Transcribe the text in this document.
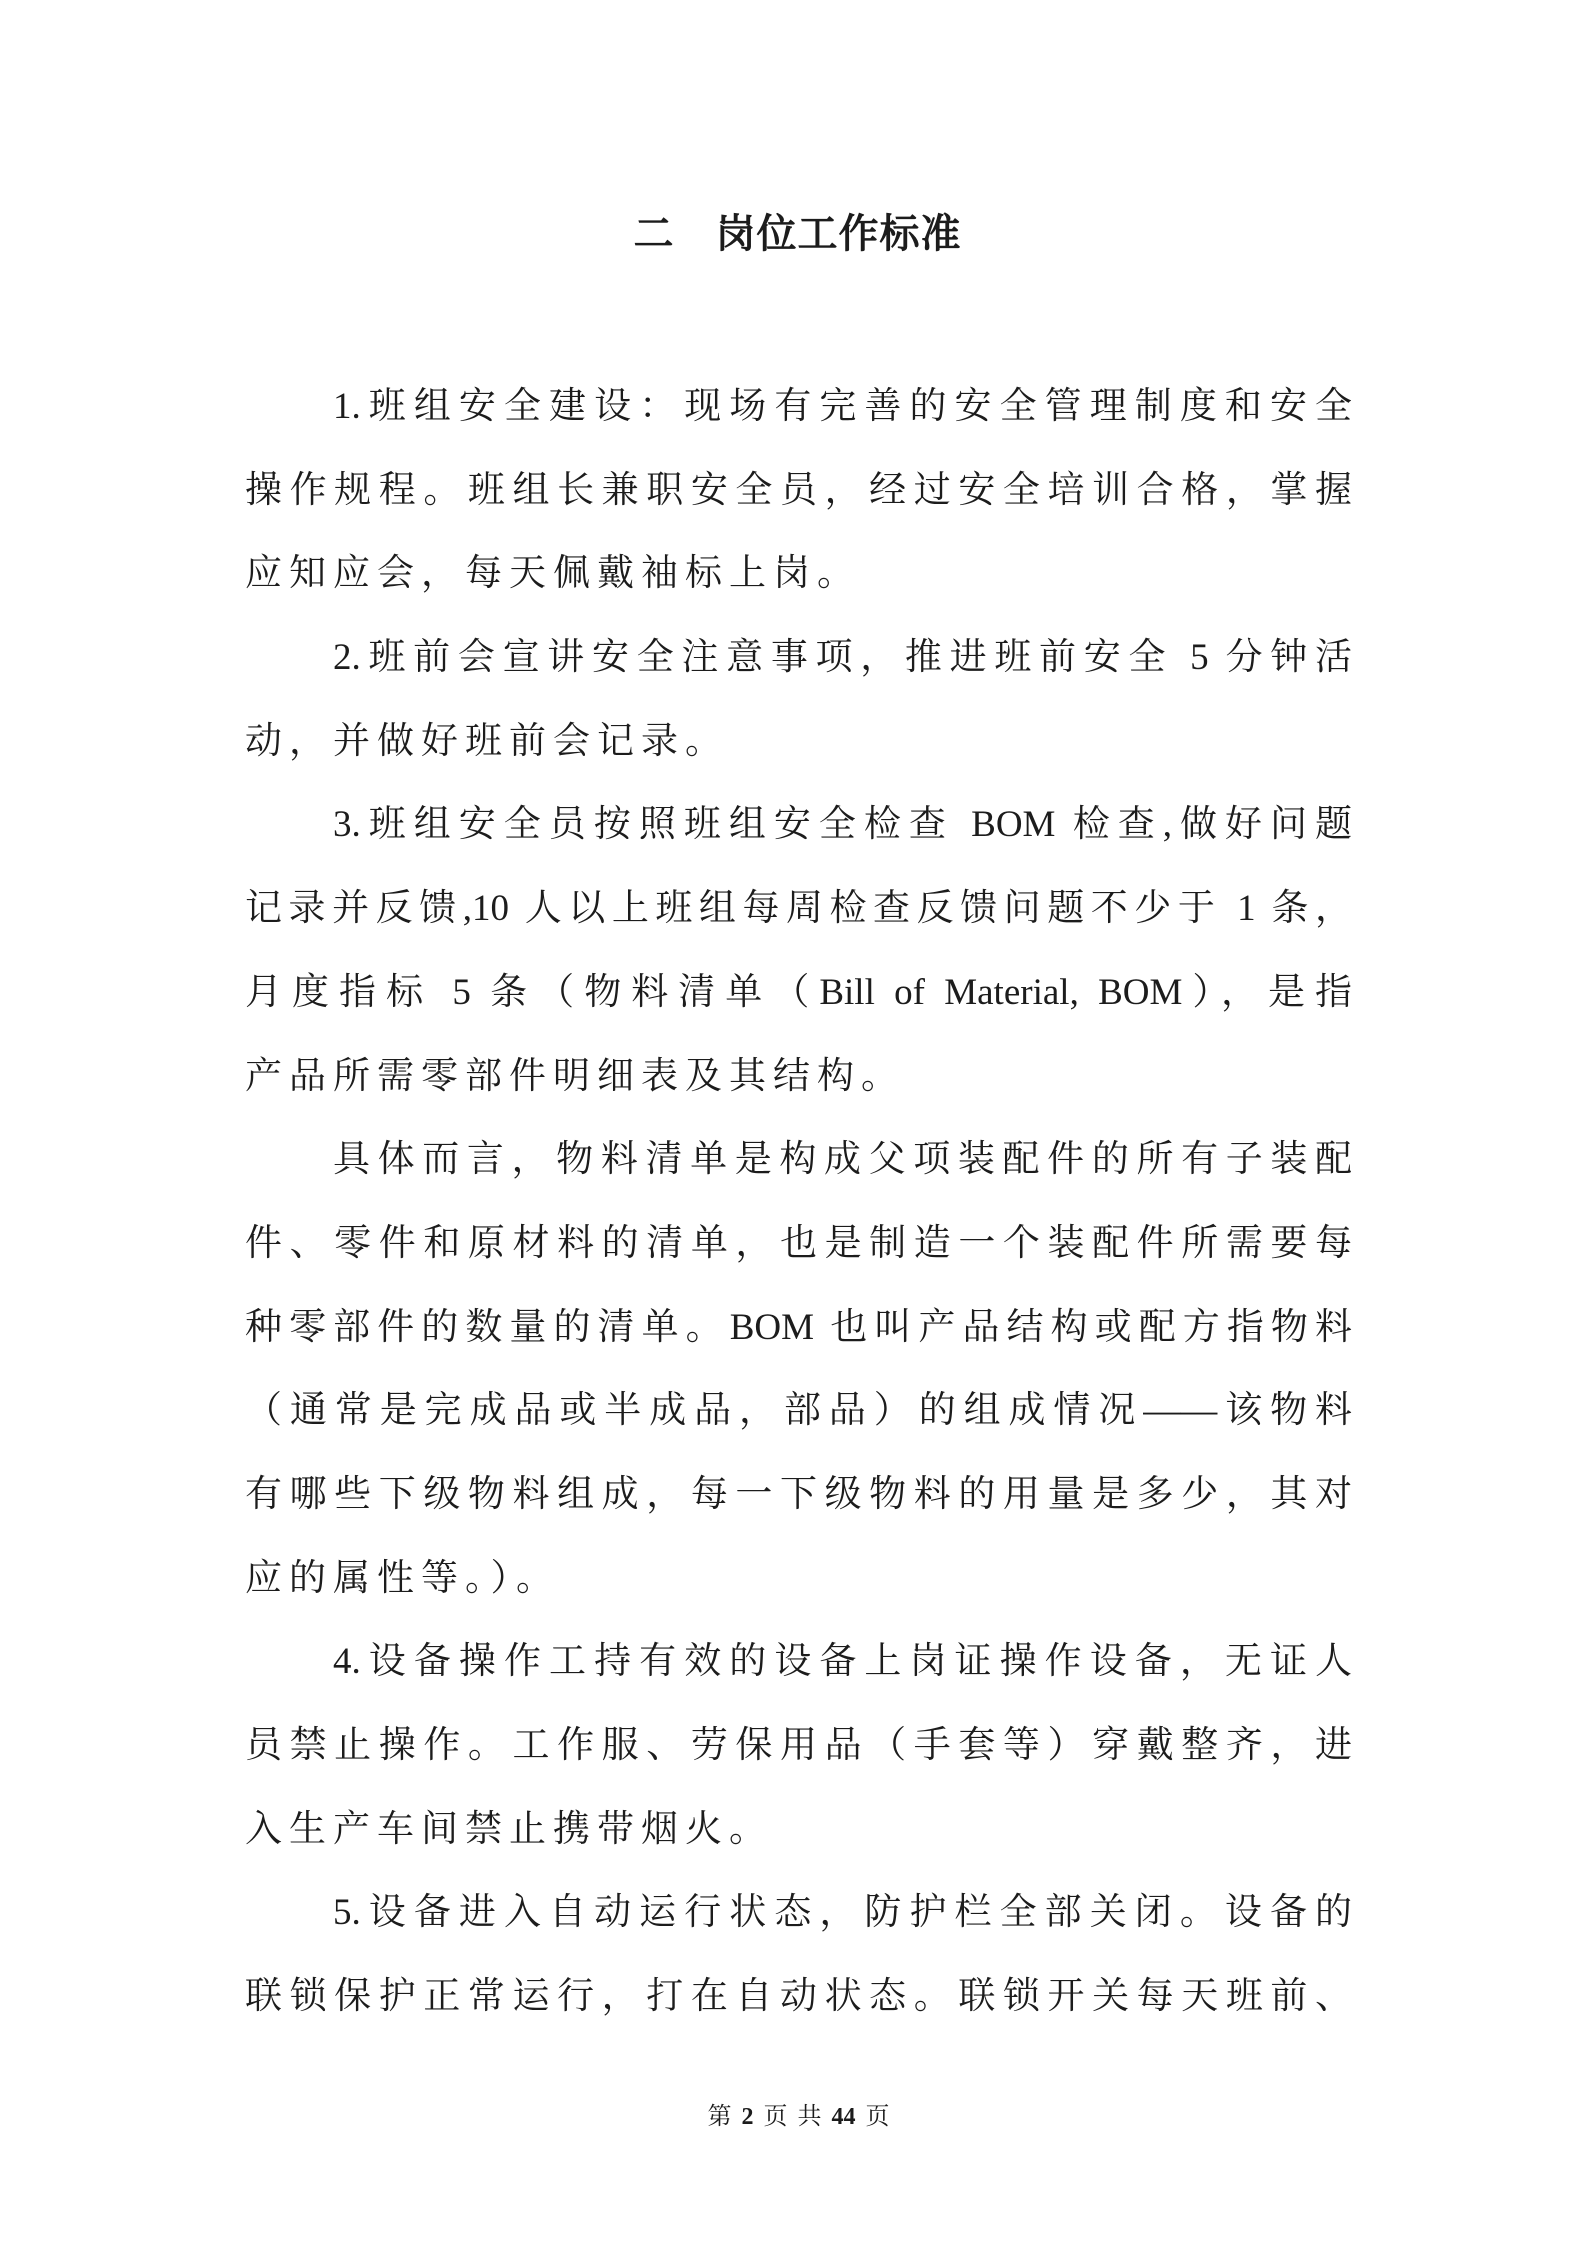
二　岗位工作标准
1.班组安全建设：现场有完善的安全管理制度和安全
操作规程。班组长兼职安全员，经过安全培训合格，掌握
应知应会，每天佩戴袖标上岗。
2.班前会宣讲安全注意事项，推进班前安全 5 分钟活
动，并做好班前会记录。
3.班组安全员按照班组安全检查 BOM 检查,做好问题
记录并反馈,10 人以上班组每周检查反馈问题不少于 1 条，
月度指标 5 条（物料清单（Bill of Material, BOM），是指
产品所需零部件明细表及其结构。
具体而言，物料清单是构成父项装配件的所有子装配
件、零件和原材料的清单，也是制造一个装配件所需要每
种零部件的数量的清单。BOM 也叫产品结构或配方指物料
（通常是完成品或半成品，部品）的组成情况——该物料
有哪些下级物料组成，每一下级物料的用量是多少，其对
应的属性等。）。
4.设备操作工持有效的设备上岗证操作设备，无证人
员禁止操作。工作服、劳保用品（手套等）穿戴整齐，进
入生产车间禁止携带烟火。
5.设备进入自动运行状态，防护栏全部关闭。设备的
联锁保护正常运行，打在自动状态。联锁开关每天班前、
第 2 页 共 44 页
